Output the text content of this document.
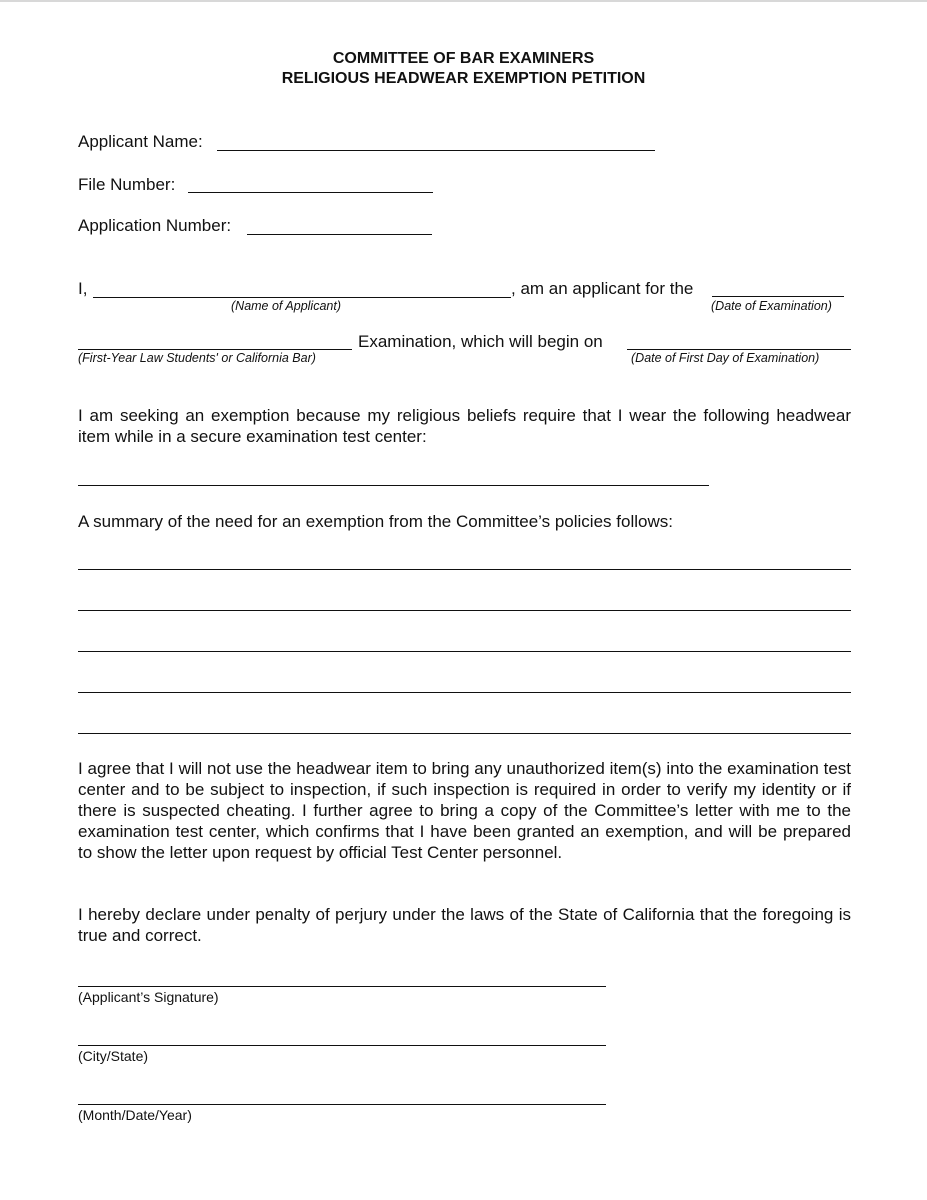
COMMITTEE OF BAR EXAMINERS
RELIGIOUS HEADWEAR EXEMPTION PETITION
Applicant Name:
File Number:
Application Number:
I,	, am an applicant for the
(Name of Applicant)	(Date of Examination)
Examination, which will begin on
(First-Year Law Students' or California Bar)	(Date of First Day of Examination)
I am seeking an exemption because my religious beliefs require that I wear the following headwear item while in a secure examination test center:
A summary of the need for an exemption from the Committee’s policies follows:
I agree that I will not use the headwear item to bring any unauthorized item(s) into the examination test center and to be subject to inspection, if such inspection is required in order to verify my identity or if there is suspected cheating. I further agree to bring a copy of the Committee’s letter with me to the examination test center, which confirms that I have been granted an exemption, and will be prepared to show the letter upon request by official Test Center personnel.
I hereby declare under penalty of perjury under the laws of the State of California that the foregoing is true and correct.
(Applicant’s Signature)
(City/State)
(Month/Date/Year)
